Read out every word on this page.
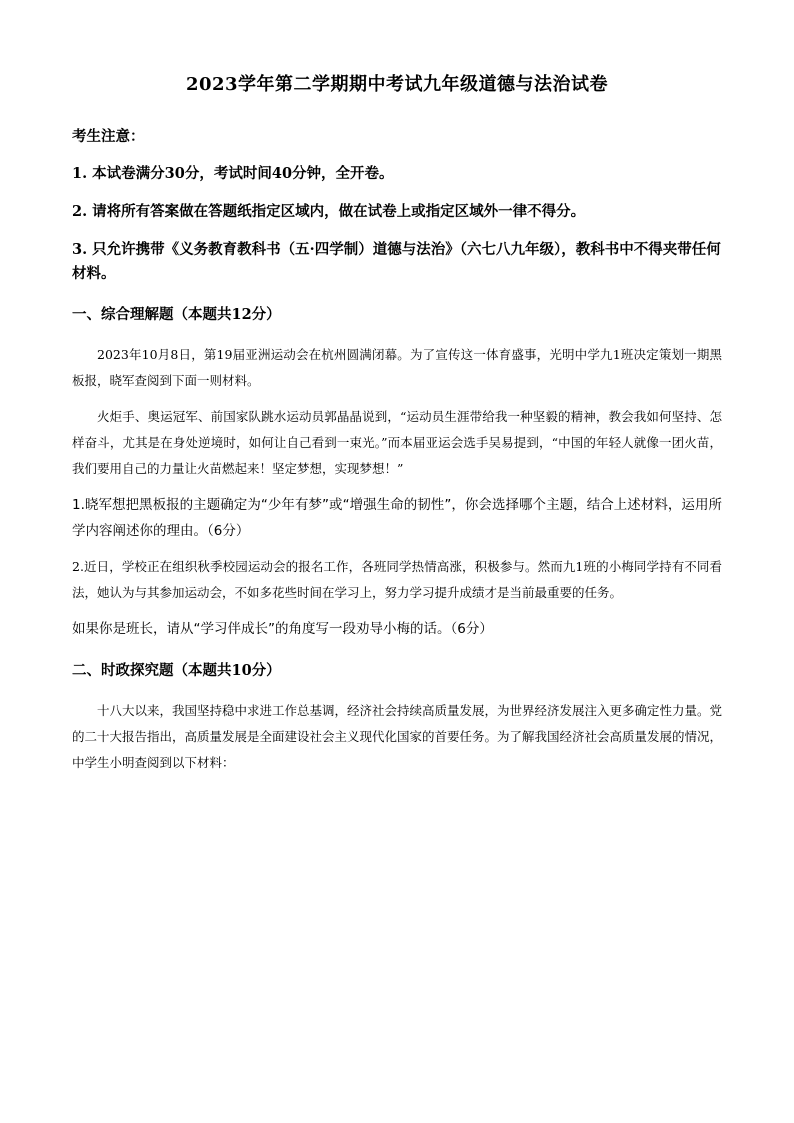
2023学年第二学期期中考试九年级道德与法治试卷
考生注意：
1. 本试卷满分30分，考试时间40分钟，全开卷。
2. 请将所有答案做在答题纸指定区域内，做在试卷上或指定区域外一律不得分。
3. 只允许携带《义务教育教科书（五·四学制）道德与法治》（六七八九年级），教科书中不得夹带任何材料。
一、综合理解题（本题共12分）

2023年10月8日，第19届亚洲运动会在杭州圆满闭幕。为了宣传这一体育盛事，光明中学九1班决定策划一期黑板报，晓军查阅到下面一则材料。

火炬手、奥运冠军、前国家队跳水运动员郭晶晶说到，“运动员生涯带给我一种坚毅的精神，教会我如何坚持、怎样奋斗，尤其是在身处逆境时，如何让自己看到一束光。”而本届亚运会选手吴易提到，“中国的年轻人就像一团火苗，我们要用自己的力量让火苗燃起来！坚定梦想，实现梦想！”

1.晓军想把黑板报的主题确定为“少年有梦”或“增强生命的韧性”，你会选择哪个主题，结合上述材料，运用所学内容阐述你的理由。（6分）

2.近日，学校正在组织秋季校园运动会的报名工作，各班同学热情高涨，积极参与。然而九1班的小梅同学持有不同看法，她认为与其参加运动会，不如多花些时间在学习上，努力学习提升成绩才是当前最重要的任务。

如果你是班长，请从“学习伴成长”的角度写一段劝导小梅的话。（6分）

二、时政探究题（本题共10分）

十八大以来，我国坚持稳中求进工作总基调，经济社会持续高质量发展，为世界经济发展注入更多确定性力量。党的二十大报告指出，高质量发展是全面建设社会主义现代化国家的首要任务。为了解我国经济社会高质量发展的情况，中学生小明查阅到以下材料：
